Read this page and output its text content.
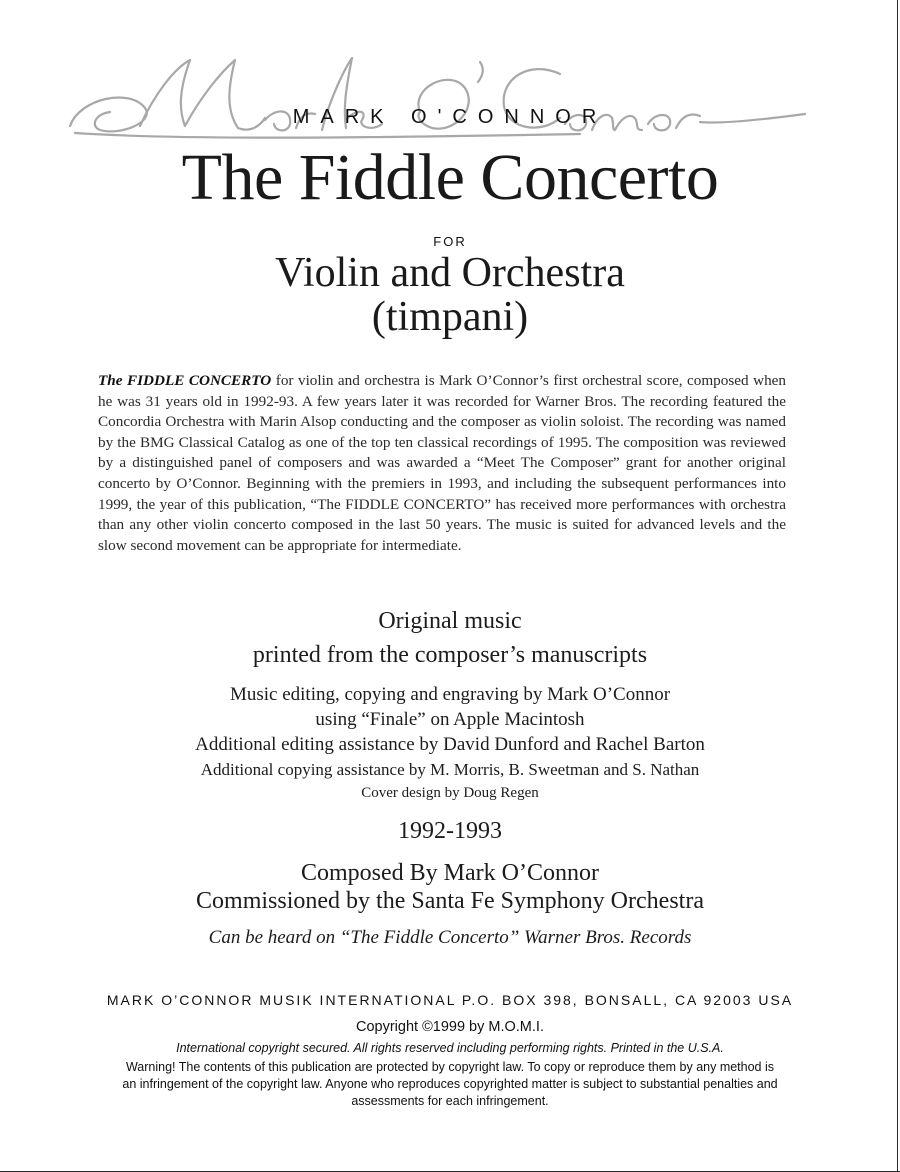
MARK O'CONNOR
The Fiddle Concerto
FOR
Violin and Orchestra
(timpani)

The FIDDLE CONCERTO for violin and orchestra is Mark O’Connor’s first orchestral score, composed when he was 31 years old in 1992-93. A few years later it was recorded for Warner Bros. The recording featured the Concordia Orchestra with Marin Alsop conducting and the composer as violin soloist. The recording was named by the BMG Classical Catalog as one of the top ten classical recordings of 1995. The composition was reviewed by a distinguished panel of composers and was awarded a “Meet The Composer” grant for another original concerto by O’Connor. Beginning with the premiers in 1993, and including the subsequent performances into 1999, the year of this publication, “The FIDDLE CONCERTO” has received more performances with orchestra than any other violin concerto composed in the last 50 years. The music is suited for advanced levels and the slow second movement can be appropriate for intermediate.

Original music
printed from the composer’s manuscripts
Music editing, copying and engraving by Mark O’Connor
using “Finale” on Apple Macintosh
Additional editing assistance by David Dunford and Rachel Barton
Additional copying assistance by M. Morris, B. Sweetman and S. Nathan
Cover design by Doug Regen
1992-1993
Composed By Mark O’Connor
Commissioned by the Santa Fe Symphony Orchestra
Can be heard on “The Fiddle Concerto” Warner Bros. Records
MARK O’CONNOR MUSIK INTERNATIONAL P.O. BOX 398, BONSALL, CA 92003 USA
Copyright ©1999 by M.O.M.I.
International copyright secured. All rights reserved including performing rights. Printed in the U.S.A.
Warning! The contents of this publication are protected by copyright law. To copy or reproduce them by any method is
an infringement of the copyright law. Anyone who reproduces copyrighted matter is subject to substantial penalties and
assessments for each infringement.
